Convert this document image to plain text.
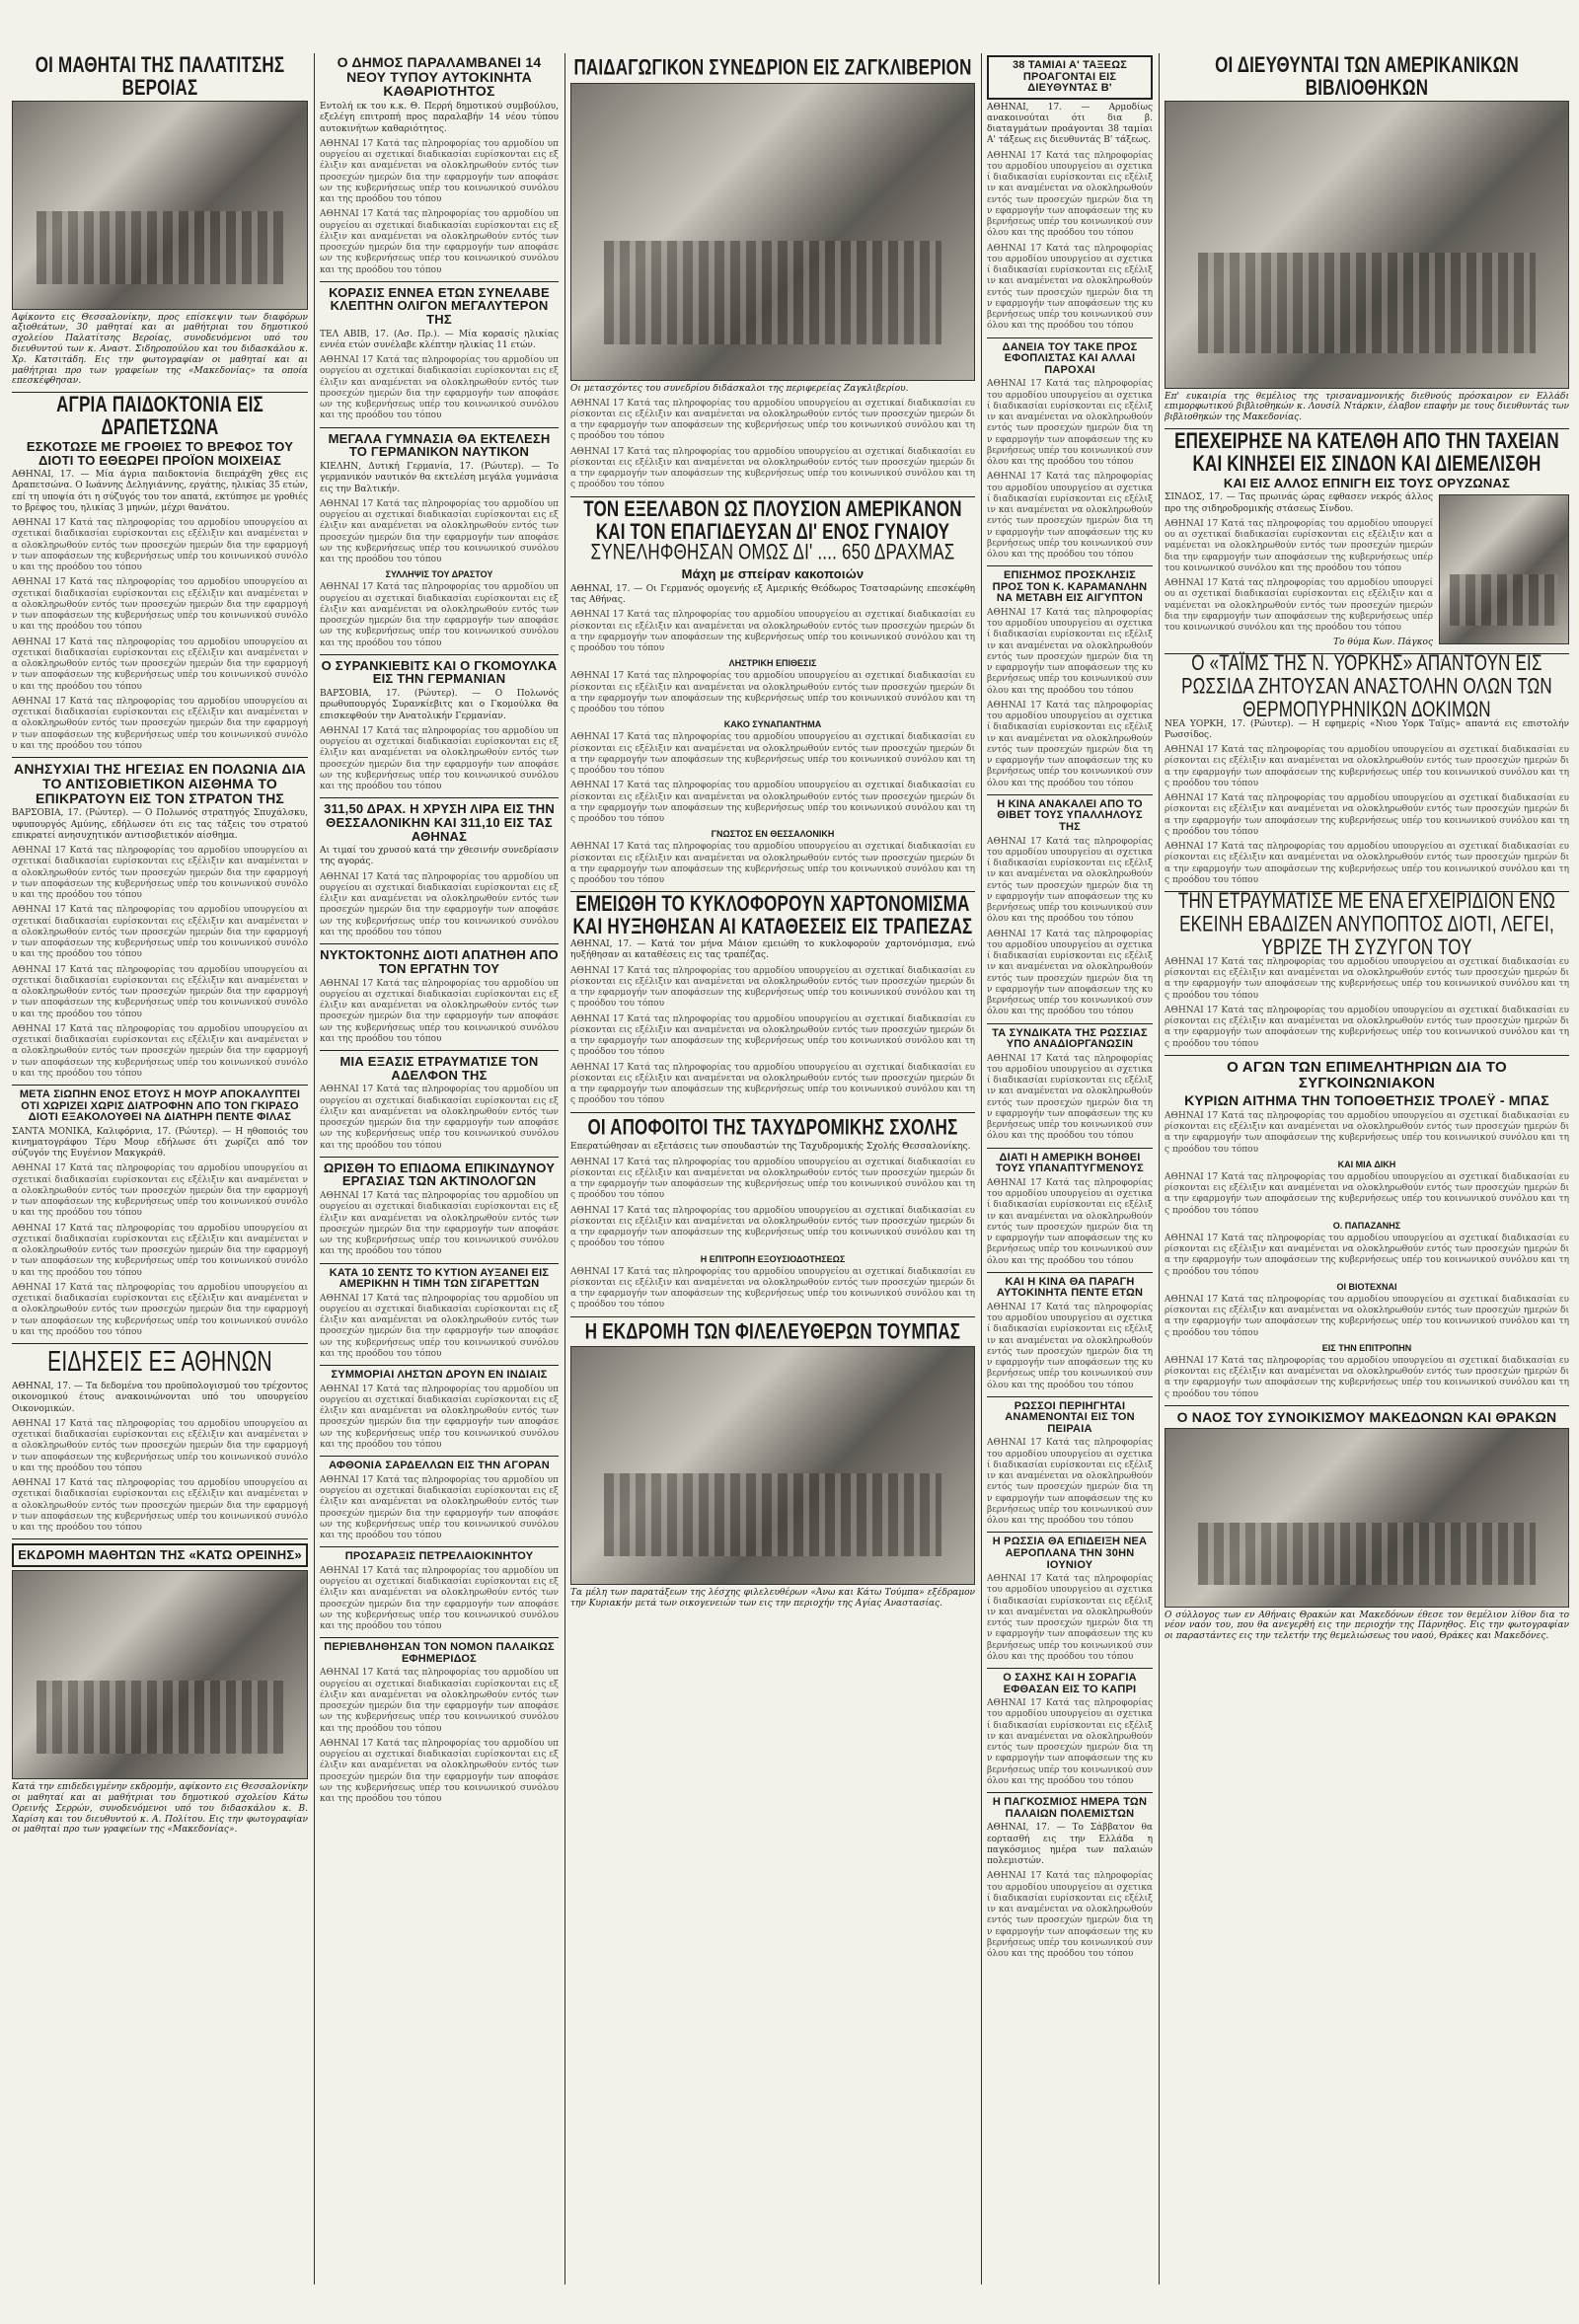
ΟΙ ΜΑΘΗΤΑΙ ΤΗΣ ΠΑΛΑΤΙΤΣΗΣ ΒΕΡΟΙΑΣ
Αφίκοντο εις Θεσσαλονίκην, προς επίσκεψιν των διαφόρων αξιοθεάτων, 30 μαθηταί και αι μαθήτριαι του δημοτικού σχολείου Παλατίτσης Βεροίας, συνοδευόμενοι υπό του διευθυντού των κ. Αναστ. Σιδηροπούλου και του διδασκάλου κ. Χρ. Κατσιτάδη. Εις την φωτογραφίαν οι μαθηταί και αι μαθήτριαι προ των γραφείων της «Μακεδονίας» τα οποία επεσκέφθησαν.
ΑΓΡΙΑ ΠΑΙΔΟΚΤΟΝΙΑ ΕΙΣ ΔΡΑΠΕΤΣΩΝΑ
ΕΣΚΟΤΩΣΕ ΜΕ ΓΡΟΘΙΕΣ ΤΟ ΒΡΕΦΟΣ ΤΟΥ ΔΙΟΤΙ ΤΟ ΕΘΕΩΡΕΙ ΠΡΟΪΟΝ ΜΟΙΧΕΙΑΣ
ΑΘΗΝΑΙ, 17. — Μία άγρια παιδοκτονία διεπράχθη χθες εις Δραπετσώνα. Ο Ιωάννης Δεληγιάννης, εργάτης, ηλικίας 35 ετών, επί τη υποψία ότι η σύζυγός του τον απατά, εκτύπησε με γροθιές το βρέφος του, ηλικίας 3 μηνών, μέχρι θανάτου.
ΑΘΗΝΑΙ 17 Κατά τας πληροφορίας του αρμοδίου υπουργείου αι σχετικαί διαδικασίαι ευρίσκονται εις εξέλιξιν και αναμένεται να ολοκληρωθούν εντός των προσεχών ημερών δια την εφαρμογήν των αποφάσεων της κυβερνήσεως υπέρ του κοινωνικού συνόλου και της προόδου του τόπου
ΑΘΗΝΑΙ 17 Κατά τας πληροφορίας του αρμοδίου υπουργείου αι σχετικαί διαδικασίαι ευρίσκονται εις εξέλιξιν και αναμένεται να ολοκληρωθούν εντός των προσεχών ημερών δια την εφαρμογήν των αποφάσεων της κυβερνήσεως υπέρ του κοινωνικού συνόλου και της προόδου του τόπου
ΑΘΗΝΑΙ 17 Κατά τας πληροφορίας του αρμοδίου υπουργείου αι σχετικαί διαδικασίαι ευρίσκονται εις εξέλιξιν και αναμένεται να ολοκληρωθούν εντός των προσεχών ημερών δια την εφαρμογήν των αποφάσεων της κυβερνήσεως υπέρ του κοινωνικού συνόλου και της προόδου του τόπου
ΑΘΗΝΑΙ 17 Κατά τας πληροφορίας του αρμοδίου υπουργείου αι σχετικαί διαδικασίαι ευρίσκονται εις εξέλιξιν και αναμένεται να ολοκληρωθούν εντός των προσεχών ημερών δια την εφαρμογήν των αποφάσεων της κυβερνήσεως υπέρ του κοινωνικού συνόλου και της προόδου του τόπου
ΑΝΗΣΥΧΙΑΙ ΤΗΣ ΗΓΕΣΙΑΣ ΕΝ ΠΟΛΩΝΙΑ ΔΙΑ ΤΟ ΑΝΤΙΣΟΒΙΕΤΙΚΟΝ ΑΙΣΘΗΜΑ ΤΟ ΕΠΙΚΡΑΤΟΥΝ ΕΙΣ ΤΟΝ ΣΤΡΑΤΟΝ ΤΗΣ
ΒΑΡΣΟΒΙΑ, 17. (Ρώυτερ). — Ο Πολωνός στρατηγός Σπυχάλσκυ, υφυπουργός Αμύνης, εδήλωσεν ότι εις τας τάξεις του στρατού επικρατεί ανησυχητικόν αντισοβιετικόν αίσθημα.
ΑΘΗΝΑΙ 17 Κατά τας πληροφορίας του αρμοδίου υπουργείου αι σχετικαί διαδικασίαι ευρίσκονται εις εξέλιξιν και αναμένεται να ολοκληρωθούν εντός των προσεχών ημερών δια την εφαρμογήν των αποφάσεων της κυβερνήσεως υπέρ του κοινωνικού συνόλου και της προόδου του τόπου
ΑΘΗΝΑΙ 17 Κατά τας πληροφορίας του αρμοδίου υπουργείου αι σχετικαί διαδικασίαι ευρίσκονται εις εξέλιξιν και αναμένεται να ολοκληρωθούν εντός των προσεχών ημερών δια την εφαρμογήν των αποφάσεων της κυβερνήσεως υπέρ του κοινωνικού συνόλου και της προόδου του τόπου
ΑΘΗΝΑΙ 17 Κατά τας πληροφορίας του αρμοδίου υπουργείου αι σχετικαί διαδικασίαι ευρίσκονται εις εξέλιξιν και αναμένεται να ολοκληρωθούν εντός των προσεχών ημερών δια την εφαρμογήν των αποφάσεων της κυβερνήσεως υπέρ του κοινωνικού συνόλου και της προόδου του τόπου
ΑΘΗΝΑΙ 17 Κατά τας πληροφορίας του αρμοδίου υπουργείου αι σχετικαί διαδικασίαι ευρίσκονται εις εξέλιξιν και αναμένεται να ολοκληρωθούν εντός των προσεχών ημερών δια την εφαρμογήν των αποφάσεων της κυβερνήσεως υπέρ του κοινωνικού συνόλου και της προόδου του τόπου
ΜΕΤΑ ΣΙΩΠΗΝ ΕΝΟΣ ΕΤΟΥΣ Η ΜΟΥΡ ΑΠΟΚΑΛΥΠΤΕΙ ΟΤΙ ΧΩΡΙΖΕΙ ΧΩΡΙΣ ΔΙΑΤΡΟΦΗΝ ΑΠΟ ΤΟΝ ΓΚΙΡΑΣΟ ΔΙΟΤΙ ΕΞΑΚΟΛΟΥΘΕΙ ΝΑ ΔΙΑΤΗΡΗ ΠΕΝΤΕ ΦΙΛΑΣ
ΣΑΝΤΑ ΜΟΝΙΚΑ, Καλιφόρνια, 17. (Ρώυτερ). — Η ηθοποιός του κινηματογράφου Τέρυ Μουρ εδήλωσε ότι χωρίζει από τον σύζυγόν της Ευγένιον Μακγκράθ.
ΑΘΗΝΑΙ 17 Κατά τας πληροφορίας του αρμοδίου υπουργείου αι σχετικαί διαδικασίαι ευρίσκονται εις εξέλιξιν και αναμένεται να ολοκληρωθούν εντός των προσεχών ημερών δια την εφαρμογήν των αποφάσεων της κυβερνήσεως υπέρ του κοινωνικού συνόλου και της προόδου του τόπου
ΑΘΗΝΑΙ 17 Κατά τας πληροφορίας του αρμοδίου υπουργείου αι σχετικαί διαδικασίαι ευρίσκονται εις εξέλιξιν και αναμένεται να ολοκληρωθούν εντός των προσεχών ημερών δια την εφαρμογήν των αποφάσεων της κυβερνήσεως υπέρ του κοινωνικού συνόλου και της προόδου του τόπου
ΑΘΗΝΑΙ 17 Κατά τας πληροφορίας του αρμοδίου υπουργείου αι σχετικαί διαδικασίαι ευρίσκονται εις εξέλιξιν και αναμένεται να ολοκληρωθούν εντός των προσεχών ημερών δια την εφαρμογήν των αποφάσεων της κυβερνήσεως υπέρ του κοινωνικού συνόλου και της προόδου του τόπου
ΕΙΔΗΣΕΙΣ ΕΞ ΑΘΗΝΩΝ
ΑΘΗΝΑΙ, 17. — Τα δεδομένα του προϋπολογισμού του τρέχοντος οικονομικού έτους ανακοινώνονται υπό του υπουργείου Οικονομικών.
ΑΘΗΝΑΙ 17 Κατά τας πληροφορίας του αρμοδίου υπουργείου αι σχετικαί διαδικασίαι ευρίσκονται εις εξέλιξιν και αναμένεται να ολοκληρωθούν εντός των προσεχών ημερών δια την εφαρμογήν των αποφάσεων της κυβερνήσεως υπέρ του κοινωνικού συνόλου και της προόδου του τόπου
ΑΘΗΝΑΙ 17 Κατά τας πληροφορίας του αρμοδίου υπουργείου αι σχετικαί διαδικασίαι ευρίσκονται εις εξέλιξιν και αναμένεται να ολοκληρωθούν εντός των προσεχών ημερών δια την εφαρμογήν των αποφάσεων της κυβερνήσεως υπέρ του κοινωνικού συνόλου και της προόδου του τόπου
ΕΚΔΡΟΜΗ ΜΑΘΗΤΩΝ ΤΗΣ «ΚΑΤΩ ΟΡΕΙΝΗΣ»
Κατά την επιδεδειγμένην εκδρομήν, αφίκοντο εις Θεσσαλονίκην οι μαθηταί και αι μαθήτριαι του δημοτικού σχολείου Κάτω Ορεινής Σερρών, συνοδευόμενοι υπό του διδασκάλου κ. Β. Χαρίση και του διευθυντού κ. Α. Πολίτου. Εις την φωτογραφίαν οι μαθηταί προ των γραφείων της «Μακεδονίας».
Ο ΔΗΜΟΣ ΠΑΡΑΛΑΜΒΑΝΕΙ 14 ΝΕΟΥ ΤΥΠΟΥ ΑΥΤΟΚΙΝΗΤΑ ΚΑΘΑΡΙΟΤΗΤΟΣ
Εντολή εκ του κ.κ. Θ. Περρή δημοτικού συμβούλου, εξελέγη επιτροπή προς παραλαβήν 14 νέου τύπου αυτοκινήτων καθαριότητος.
ΑΘΗΝΑΙ 17 Κατά τας πληροφορίας του αρμοδίου υπουργείου αι σχετικαί διαδικασίαι ευρίσκονται εις εξέλιξιν και αναμένεται να ολοκληρωθούν εντός των προσεχών ημερών δια την εφαρμογήν των αποφάσεων της κυβερνήσεως υπέρ του κοινωνικού συνόλου και της προόδου του τόπου
ΑΘΗΝΑΙ 17 Κατά τας πληροφορίας του αρμοδίου υπουργείου αι σχετικαί διαδικασίαι ευρίσκονται εις εξέλιξιν και αναμένεται να ολοκληρωθούν εντός των προσεχών ημερών δια την εφαρμογήν των αποφάσεων της κυβερνήσεως υπέρ του κοινωνικού συνόλου και της προόδου του τόπου
ΚΟΡΑΣΙΣ ΕΝΝΕΑ ΕΤΩΝ ΣΥΝΕΛΑΒΕ ΚΛΕΠΤΗΝ ΟΛΙΓΟΝ ΜΕΓΑΛΥΤΕΡΟΝ ΤΗΣ
ΤΕΛ ΑΒΙΒ, 17. (Ασ. Πρ.). — Μία κορασίς ηλικίας εννέα ετών συνέλαβε κλέπτην ηλικίας 11 ετών.
ΑΘΗΝΑΙ 17 Κατά τας πληροφορίας του αρμοδίου υπουργείου αι σχετικαί διαδικασίαι ευρίσκονται εις εξέλιξιν και αναμένεται να ολοκληρωθούν εντός των προσεχών ημερών δια την εφαρμογήν των αποφάσεων της κυβερνήσεως υπέρ του κοινωνικού συνόλου και της προόδου του τόπου
ΜΕΓΑΛΑ ΓΥΜΝΑΣΙΑ ΘΑ ΕΚΤΕΛΕΣΗ ΤΟ ΓΕΡΜΑΝΙΚΟΝ ΝΑΥΤΙΚΟΝ
ΚΙΕΛΗΝ, Δυτική Γερμανία, 17. (Ρώυτερ). — Το γερμανικόν ναυτικόν θα εκτελέση μεγάλα γυμνάσια εις την Βαλτικήν.
ΑΘΗΝΑΙ 17 Κατά τας πληροφορίας του αρμοδίου υπουργείου αι σχετικαί διαδικασίαι ευρίσκονται εις εξέλιξιν και αναμένεται να ολοκληρωθούν εντός των προσεχών ημερών δια την εφαρμογήν των αποφάσεων της κυβερνήσεως υπέρ του κοινωνικού συνόλου και της προόδου του τόπου
ΣΥΛΛΗΨΙΣ ΤΟΥ ΔΡΑΣΤΟΥ
ΑΘΗΝΑΙ 17 Κατά τας πληροφορίας του αρμοδίου υπουργείου αι σχετικαί διαδικασίαι ευρίσκονται εις εξέλιξιν και αναμένεται να ολοκληρωθούν εντός των προσεχών ημερών δια την εφαρμογήν των αποφάσεων της κυβερνήσεως υπέρ του κοινωνικού συνόλου και της προόδου του τόπου
Ο ΣΥΡΑΝΚΙΕΒΙΤΣ ΚΑΙ Ο ΓΚΟΜΟΥΛΚΑ ΕΙΣ ΤΗΝ ΓΕΡΜΑΝΙΑΝ
ΒΑΡΣΟΒΙΑ, 17. (Ρώυτερ). — Ο Πολωνός πρωθυπουργός Συρανκίεβιτς και ο Γκομούλκα θα επισκεφθούν την Ανατολικήν Γερμανίαν.
ΑΘΗΝΑΙ 17 Κατά τας πληροφορίας του αρμοδίου υπουργείου αι σχετικαί διαδικασίαι ευρίσκονται εις εξέλιξιν και αναμένεται να ολοκληρωθούν εντός των προσεχών ημερών δια την εφαρμογήν των αποφάσεων της κυβερνήσεως υπέρ του κοινωνικού συνόλου και της προόδου του τόπου
311,50 ΔΡΑΧ. Η ΧΡΥΣΗ ΛΙΡΑ ΕΙΣ ΤΗΝ ΘΕΣΣΑΛΟΝΙΚΗΝ ΚΑΙ 311,10 ΕΙΣ ΤΑΣ ΑΘΗΝΑΣ
Αι τιμαί του χρυσού κατά την χθεσινήν συνεδρίασιν της αγοράς.
ΑΘΗΝΑΙ 17 Κατά τας πληροφορίας του αρμοδίου υπουργείου αι σχετικαί διαδικασίαι ευρίσκονται εις εξέλιξιν και αναμένεται να ολοκληρωθούν εντός των προσεχών ημερών δια την εφαρμογήν των αποφάσεων της κυβερνήσεως υπέρ του κοινωνικού συνόλου και της προόδου του τόπου
ΝΥΚΤΟΚΤΟΝΗΣ ΔΙΟΤΙ ΑΠΑΤΗΘΗ ΑΠΟ ΤΟΝ ΕΡΓΑΤΗΝ ΤΟΥ
ΑΘΗΝΑΙ 17 Κατά τας πληροφορίας του αρμοδίου υπουργείου αι σχετικαί διαδικασίαι ευρίσκονται εις εξέλιξιν και αναμένεται να ολοκληρωθούν εντός των προσεχών ημερών δια την εφαρμογήν των αποφάσεων της κυβερνήσεως υπέρ του κοινωνικού συνόλου και της προόδου του τόπου
ΜΙΑ ΕΞΑΣΙΣ ΕΤΡΑΥΜΑΤΙΣΕ ΤΟΝ ΑΔΕΛΦΟΝ ΤΗΣ
ΑΘΗΝΑΙ 17 Κατά τας πληροφορίας του αρμοδίου υπουργείου αι σχετικαί διαδικασίαι ευρίσκονται εις εξέλιξιν και αναμένεται να ολοκληρωθούν εντός των προσεχών ημερών δια την εφαρμογήν των αποφάσεων της κυβερνήσεως υπέρ του κοινωνικού συνόλου και της προόδου του τόπου
ΩΡΙΣΘΗ ΤΟ ΕΠΙΔΟΜΑ ΕΠΙΚΙΝΔΥΝΟΥ ΕΡΓΑΣΙΑΣ ΤΩΝ ΑΚΤΙΝΟΛΟΓΩΝ
ΑΘΗΝΑΙ 17 Κατά τας πληροφορίας του αρμοδίου υπουργείου αι σχετικαί διαδικασίαι ευρίσκονται εις εξέλιξιν και αναμένεται να ολοκληρωθούν εντός των προσεχών ημερών δια την εφαρμογήν των αποφάσεων της κυβερνήσεως υπέρ του κοινωνικού συνόλου και της προόδου του τόπου
ΚΑΤΑ 10 ΣΕΝΤΣ ΤΟ ΚΥΤΙΟΝ ΑΥΞΑΝΕΙ ΕΙΣ ΑΜΕΡΙΚΗΝ Η ΤΙΜΗ ΤΩΝ ΣΙΓΑΡΕΤΤΩΝ
ΑΘΗΝΑΙ 17 Κατά τας πληροφορίας του αρμοδίου υπουργείου αι σχετικαί διαδικασίαι ευρίσκονται εις εξέλιξιν και αναμένεται να ολοκληρωθούν εντός των προσεχών ημερών δια την εφαρμογήν των αποφάσεων της κυβερνήσεως υπέρ του κοινωνικού συνόλου και της προόδου του τόπου
ΣΥΜΜΟΡΙΑΙ ΛΗΣΤΩΝ ΔΡΟΥΝ ΕΝ ΙΝΔΙΑΙΣ
ΑΘΗΝΑΙ 17 Κατά τας πληροφορίας του αρμοδίου υπουργείου αι σχετικαί διαδικασίαι ευρίσκονται εις εξέλιξιν και αναμένεται να ολοκληρωθούν εντός των προσεχών ημερών δια την εφαρμογήν των αποφάσεων της κυβερνήσεως υπέρ του κοινωνικού συνόλου και της προόδου του τόπου
ΑΦΘΟΝΙΑ ΣΑΡΔΕΛΛΩΝ ΕΙΣ ΤΗΝ ΑΓΟΡΑΝ
ΑΘΗΝΑΙ 17 Κατά τας πληροφορίας του αρμοδίου υπουργείου αι σχετικαί διαδικασίαι ευρίσκονται εις εξέλιξιν και αναμένεται να ολοκληρωθούν εντός των προσεχών ημερών δια την εφαρμογήν των αποφάσεων της κυβερνήσεως υπέρ του κοινωνικού συνόλου και της προόδου του τόπου
ΠΡΟΣΑΡΑΞΙΣ ΠΕΤΡΕΛΑΙΟΚΙΝΗΤΟΥ
ΑΘΗΝΑΙ 17 Κατά τας πληροφορίας του αρμοδίου υπουργείου αι σχετικαί διαδικασίαι ευρίσκονται εις εξέλιξιν και αναμένεται να ολοκληρωθούν εντός των προσεχών ημερών δια την εφαρμογήν των αποφάσεων της κυβερνήσεως υπέρ του κοινωνικού συνόλου και της προόδου του τόπου
ΠΕΡΙΕΒΛΗΘΗΣΑΝ ΤΟΝ ΝΟΜΟΝ ΠΑΛΑΙΚΩΣ ΕΦΗΜΕΡΙΔΟΣ
ΑΘΗΝΑΙ 17 Κατά τας πληροφορίας του αρμοδίου υπουργείου αι σχετικαί διαδικασίαι ευρίσκονται εις εξέλιξιν και αναμένεται να ολοκληρωθούν εντός των προσεχών ημερών δια την εφαρμογήν των αποφάσεων της κυβερνήσεως υπέρ του κοινωνικού συνόλου και της προόδου του τόπου
ΑΘΗΝΑΙ 17 Κατά τας πληροφορίας του αρμοδίου υπουργείου αι σχετικαί διαδικασίαι ευρίσκονται εις εξέλιξιν και αναμένεται να ολοκληρωθούν εντός των προσεχών ημερών δια την εφαρμογήν των αποφάσεων της κυβερνήσεως υπέρ του κοινωνικού συνόλου και της προόδου του τόπου
ΠΑΙΔΑΓΩΓΙΚΟΝ ΣΥΝΕΔΡΙΟΝ ΕΙΣ ΖΑΓΚΛΙΒΕΡΙΟΝ
Οι μετασχόντες του συνεδρίου διδάσκαλοι της περιφερείας Ζαγκλιβερίου.
ΑΘΗΝΑΙ 17 Κατά τας πληροφορίας του αρμοδίου υπουργείου αι σχετικαί διαδικασίαι ευρίσκονται εις εξέλιξιν και αναμένεται να ολοκληρωθούν εντός των προσεχών ημερών δια την εφαρμογήν των αποφάσεων της κυβερνήσεως υπέρ του κοινωνικού συνόλου και της προόδου του τόπου
ΑΘΗΝΑΙ 17 Κατά τας πληροφορίας του αρμοδίου υπουργείου αι σχετικαί διαδικασίαι ευρίσκονται εις εξέλιξιν και αναμένεται να ολοκληρωθούν εντός των προσεχών ημερών δια την εφαρμογήν των αποφάσεων της κυβερνήσεως υπέρ του κοινωνικού συνόλου και της προόδου του τόπου
ΤΟΝ ΕΞΕΛΑΒΟΝ ΩΣ ΠΛΟΥΣΙΟΝ ΑΜΕΡΙΚΑΝΟΝ ΚΑΙ ΤΟΝ ΕΠΑΓΙΔΕΥΣΑΝ ΔΙ' ΕΝΟΣ ΓΥΝΑΙΟΥ
ΣΥΝΕΛΗΦΘΗΣΑΝ ΟΜΩΣ ΔΙ' .... 650 ΔΡΑΧΜΑΣ
Μάχη με σπείραν κακοποιών
ΑΘΗΝΑΙ, 17. — Οι Γερμανός ομογενής εξ Αμερικής Θεόδωρος Τσατσαρώνης επεσκέφθη τας Αθήνας.
ΑΘΗΝΑΙ 17 Κατά τας πληροφορίας του αρμοδίου υπουργείου αι σχετικαί διαδικασίαι ευρίσκονται εις εξέλιξιν και αναμένεται να ολοκληρωθούν εντός των προσεχών ημερών δια την εφαρμογήν των αποφάσεων της κυβερνήσεως υπέρ του κοινωνικού συνόλου και της προόδου του τόπου
ΛΗΣΤΡΙΚΗ ΕΠΙΘΕΣΙΣ
ΑΘΗΝΑΙ 17 Κατά τας πληροφορίας του αρμοδίου υπουργείου αι σχετικαί διαδικασίαι ευρίσκονται εις εξέλιξιν και αναμένεται να ολοκληρωθούν εντός των προσεχών ημερών δια την εφαρμογήν των αποφάσεων της κυβερνήσεως υπέρ του κοινωνικού συνόλου και της προόδου του τόπου
ΚΑΚΟ ΣΥΝΑΠΑΝΤΗΜΑ
ΑΘΗΝΑΙ 17 Κατά τας πληροφορίας του αρμοδίου υπουργείου αι σχετικαί διαδικασίαι ευρίσκονται εις εξέλιξιν και αναμένεται να ολοκληρωθούν εντός των προσεχών ημερών δια την εφαρμογήν των αποφάσεων της κυβερνήσεως υπέρ του κοινωνικού συνόλου και της προόδου του τόπου
ΑΘΗΝΑΙ 17 Κατά τας πληροφορίας του αρμοδίου υπουργείου αι σχετικαί διαδικασίαι ευρίσκονται εις εξέλιξιν και αναμένεται να ολοκληρωθούν εντός των προσεχών ημερών δια την εφαρμογήν των αποφάσεων της κυβερνήσεως υπέρ του κοινωνικού συνόλου και της προόδου του τόπου
ΓΝΩΣΤΟΣ ΕΝ ΘΕΣΣΑΛΟΝΙΚΗ
ΑΘΗΝΑΙ 17 Κατά τας πληροφορίας του αρμοδίου υπουργείου αι σχετικαί διαδικασίαι ευρίσκονται εις εξέλιξιν και αναμένεται να ολοκληρωθούν εντός των προσεχών ημερών δια την εφαρμογήν των αποφάσεων της κυβερνήσεως υπέρ του κοινωνικού συνόλου και της προόδου του τόπου
ΕΜΕΙΩΘΗ ΤΟ ΚΥΚΛΟΦΟΡΟΥΝ ΧΑΡΤΟΝΟΜΙΣΜΑ ΚΑΙ ΗΥΞΗΘΗΣΑΝ ΑΙ ΚΑΤΑΘΕΣΕΙΣ ΕΙΣ ΤΡΑΠΕΖΑΣ
ΑΘΗΝΑΙ, 17. — Κατά τον μήνα Μάιον εμειώθη το κυκλοφορούν χαρτονόμισμα, ενώ ηυξήθησαν αι καταθέσεις εις τας τραπέζας.
ΑΘΗΝΑΙ 17 Κατά τας πληροφορίας του αρμοδίου υπουργείου αι σχετικαί διαδικασίαι ευρίσκονται εις εξέλιξιν και αναμένεται να ολοκληρωθούν εντός των προσεχών ημερών δια την εφαρμογήν των αποφάσεων της κυβερνήσεως υπέρ του κοινωνικού συνόλου και της προόδου του τόπου
ΑΘΗΝΑΙ 17 Κατά τας πληροφορίας του αρμοδίου υπουργείου αι σχετικαί διαδικασίαι ευρίσκονται εις εξέλιξιν και αναμένεται να ολοκληρωθούν εντός των προσεχών ημερών δια την εφαρμογήν των αποφάσεων της κυβερνήσεως υπέρ του κοινωνικού συνόλου και της προόδου του τόπου
ΑΘΗΝΑΙ 17 Κατά τας πληροφορίας του αρμοδίου υπουργείου αι σχετικαί διαδικασίαι ευρίσκονται εις εξέλιξιν και αναμένεται να ολοκληρωθούν εντός των προσεχών ημερών δια την εφαρμογήν των αποφάσεων της κυβερνήσεως υπέρ του κοινωνικού συνόλου και της προόδου του τόπου
ΟΙ ΑΠΟΦΟΙΤΟΙ ΤΗΣ ΤΑΧΥΔΡΟΜΙΚΗΣ ΣΧΟΛΗΣ
Επερατώθησαν αι εξετάσεις των σπουδαστών της Ταχυδρομικής Σχολής Θεσσαλονίκης.
ΑΘΗΝΑΙ 17 Κατά τας πληροφορίας του αρμοδίου υπουργείου αι σχετικαί διαδικασίαι ευρίσκονται εις εξέλιξιν και αναμένεται να ολοκληρωθούν εντός των προσεχών ημερών δια την εφαρμογήν των αποφάσεων της κυβερνήσεως υπέρ του κοινωνικού συνόλου και της προόδου του τόπου
ΑΘΗΝΑΙ 17 Κατά τας πληροφορίας του αρμοδίου υπουργείου αι σχετικαί διαδικασίαι ευρίσκονται εις εξέλιξιν και αναμένεται να ολοκληρωθούν εντός των προσεχών ημερών δια την εφαρμογήν των αποφάσεων της κυβερνήσεως υπέρ του κοινωνικού συνόλου και της προόδου του τόπου
Η ΕΠΙΤΡΟΠΗ ΕΞΟΥΣΙΟΔΟΤΗΣΕΩΣ
ΑΘΗΝΑΙ 17 Κατά τας πληροφορίας του αρμοδίου υπουργείου αι σχετικαί διαδικασίαι ευρίσκονται εις εξέλιξιν και αναμένεται να ολοκληρωθούν εντός των προσεχών ημερών δια την εφαρμογήν των αποφάσεων της κυβερνήσεως υπέρ του κοινωνικού συνόλου και της προόδου του τόπου
Η ΕΚΔΡΟΜΗ ΤΩΝ ΦΙΛΕΛΕΥΘΕΡΩΝ ΤΟΥΜΠΑΣ
Τα μέλη των παρατάξεων της λέσχης φιλελευθέρων «Άνω και Κάτω Τούμπα» εξέδραμον την Κυριακήν μετά των οικογενειών των εις την περιοχήν της Αγίας Αναστασίας.
38 ΤΑΜΙΑΙ Α' ΤΑΞΕΩΣ ΠΡΟΑΓΟΝΤΑΙ ΕΙΣ ΔΙΕΥΘΥΝΤΑΣ Β'
ΑΘΗΝΑΙ, 17. — Αρμοδίως ανακοινούται ότι δια β. διαταγμάτων προάγονται 38 ταμίαι Α' τάξεως εις διευθυντάς Β' τάξεως.
ΑΘΗΝΑΙ 17 Κατά τας πληροφορίας του αρμοδίου υπουργείου αι σχετικαί διαδικασίαι ευρίσκονται εις εξέλιξιν και αναμένεται να ολοκληρωθούν εντός των προσεχών ημερών δια την εφαρμογήν των αποφάσεων της κυβερνήσεως υπέρ του κοινωνικού συνόλου και της προόδου του τόπου
ΑΘΗΝΑΙ 17 Κατά τας πληροφορίας του αρμοδίου υπουργείου αι σχετικαί διαδικασίαι ευρίσκονται εις εξέλιξιν και αναμένεται να ολοκληρωθούν εντός των προσεχών ημερών δια την εφαρμογήν των αποφάσεων της κυβερνήσεως υπέρ του κοινωνικού συνόλου και της προόδου του τόπου
ΔΑΝΕΙΑ ΤΟΥ ΤΑΚΕ ΠΡΟΣ ΕΦΟΠΛΙΣΤΑΣ ΚΑΙ ΑΛΛΑΙ ΠΑΡΟΧΑΙ
ΑΘΗΝΑΙ 17 Κατά τας πληροφορίας του αρμοδίου υπουργείου αι σχετικαί διαδικασίαι ευρίσκονται εις εξέλιξιν και αναμένεται να ολοκληρωθούν εντός των προσεχών ημερών δια την εφαρμογήν των αποφάσεων της κυβερνήσεως υπέρ του κοινωνικού συνόλου και της προόδου του τόπου
ΑΘΗΝΑΙ 17 Κατά τας πληροφορίας του αρμοδίου υπουργείου αι σχετικαί διαδικασίαι ευρίσκονται εις εξέλιξιν και αναμένεται να ολοκληρωθούν εντός των προσεχών ημερών δια την εφαρμογήν των αποφάσεων της κυβερνήσεως υπέρ του κοινωνικού συνόλου και της προόδου του τόπου
ΕΠΙΣΗΜΟΣ ΠΡΟΣΚΛΗΣΙΣ ΠΡΟΣ ΤΟΝ Κ. ΚΑΡΑΜΑΝΛΗΝ ΝΑ ΜΕΤΑΒΗ ΕΙΣ ΑΙΓΥΠΤΟΝ
ΑΘΗΝΑΙ 17 Κατά τας πληροφορίας του αρμοδίου υπουργείου αι σχετικαί διαδικασίαι ευρίσκονται εις εξέλιξιν και αναμένεται να ολοκληρωθούν εντός των προσεχών ημερών δια την εφαρμογήν των αποφάσεων της κυβερνήσεως υπέρ του κοινωνικού συνόλου και της προόδου του τόπου
ΑΘΗΝΑΙ 17 Κατά τας πληροφορίας του αρμοδίου υπουργείου αι σχετικαί διαδικασίαι ευρίσκονται εις εξέλιξιν και αναμένεται να ολοκληρωθούν εντός των προσεχών ημερών δια την εφαρμογήν των αποφάσεων της κυβερνήσεως υπέρ του κοινωνικού συνόλου και της προόδου του τόπου
Η ΚΙΝΑ ΑΝΑΚΑΛΕΙ ΑΠΟ ΤΟ ΘΙΒΕΤ ΤΟΥΣ ΥΠΑΛΛΗΛΟΥΣ ΤΗΣ
ΑΘΗΝΑΙ 17 Κατά τας πληροφορίας του αρμοδίου υπουργείου αι σχετικαί διαδικασίαι ευρίσκονται εις εξέλιξιν και αναμένεται να ολοκληρωθούν εντός των προσεχών ημερών δια την εφαρμογήν των αποφάσεων της κυβερνήσεως υπέρ του κοινωνικού συνόλου και της προόδου του τόπου
ΑΘΗΝΑΙ 17 Κατά τας πληροφορίας του αρμοδίου υπουργείου αι σχετικαί διαδικασίαι ευρίσκονται εις εξέλιξιν και αναμένεται να ολοκληρωθούν εντός των προσεχών ημερών δια την εφαρμογήν των αποφάσεων της κυβερνήσεως υπέρ του κοινωνικού συνόλου και της προόδου του τόπου
ΤΑ ΣΥΝΔΙΚΑΤΑ ΤΗΣ ΡΩΣΣΙΑΣ ΥΠΟ ΑΝΑΔΙΟΡΓΑΝΩΣΙΝ
ΑΘΗΝΑΙ 17 Κατά τας πληροφορίας του αρμοδίου υπουργείου αι σχετικαί διαδικασίαι ευρίσκονται εις εξέλιξιν και αναμένεται να ολοκληρωθούν εντός των προσεχών ημερών δια την εφαρμογήν των αποφάσεων της κυβερνήσεως υπέρ του κοινωνικού συνόλου και της προόδου του τόπου
ΔΙΑΤΙ Η ΑΜΕΡΙΚΗ ΒΟΗΘΕΙ ΤΟΥΣ ΥΠΑΝΑΠΤΥΓΜΕΝΟΥΣ
ΑΘΗΝΑΙ 17 Κατά τας πληροφορίας του αρμοδίου υπουργείου αι σχετικαί διαδικασίαι ευρίσκονται εις εξέλιξιν και αναμένεται να ολοκληρωθούν εντός των προσεχών ημερών δια την εφαρμογήν των αποφάσεων της κυβερνήσεως υπέρ του κοινωνικού συνόλου και της προόδου του τόπου
ΚΑΙ Η ΚΙΝΑ ΘΑ ΠΑΡΑΓΗ ΑΥΤΟΚΙΝΗΤΑ ΠΕΝΤΕ ΕΤΩΝ
ΑΘΗΝΑΙ 17 Κατά τας πληροφορίας του αρμοδίου υπουργείου αι σχετικαί διαδικασίαι ευρίσκονται εις εξέλιξιν και αναμένεται να ολοκληρωθούν εντός των προσεχών ημερών δια την εφαρμογήν των αποφάσεων της κυβερνήσεως υπέρ του κοινωνικού συνόλου και της προόδου του τόπου
ΡΩΣΣΟΙ ΠΕΡΙΗΓΗΤΑΙ ΑΝΑΜΕΝΟΝΤΑΙ ΕΙΣ ΤΟΝ ΠΕΙΡΑΙΑ
ΑΘΗΝΑΙ 17 Κατά τας πληροφορίας του αρμοδίου υπουργείου αι σχετικαί διαδικασίαι ευρίσκονται εις εξέλιξιν και αναμένεται να ολοκληρωθούν εντός των προσεχών ημερών δια την εφαρμογήν των αποφάσεων της κυβερνήσεως υπέρ του κοινωνικού συνόλου και της προόδου του τόπου
Η ΡΩΣΣΙΑ ΘΑ ΕΠΙΔΕΙΞΗ ΝΕΑ ΑΕΡΟΠΛΑΝΑ ΤΗΝ 30ΗΝ ΙΟΥΝΙΟΥ
ΑΘΗΝΑΙ 17 Κατά τας πληροφορίας του αρμοδίου υπουργείου αι σχετικαί διαδικασίαι ευρίσκονται εις εξέλιξιν και αναμένεται να ολοκληρωθούν εντός των προσεχών ημερών δια την εφαρμογήν των αποφάσεων της κυβερνήσεως υπέρ του κοινωνικού συνόλου και της προόδου του τόπου
Ο ΣΑΧΗΣ ΚΑΙ Η ΣΟΡΑΓΙΑ ΕΦΘΑΣΑΝ ΕΙΣ ΤΟ ΚΑΠΡΙ
ΑΘΗΝΑΙ 17 Κατά τας πληροφορίας του αρμοδίου υπουργείου αι σχετικαί διαδικασίαι ευρίσκονται εις εξέλιξιν και αναμένεται να ολοκληρωθούν εντός των προσεχών ημερών δια την εφαρμογήν των αποφάσεων της κυβερνήσεως υπέρ του κοινωνικού συνόλου και της προόδου του τόπου
Η ΠΑΓΚΟΣΜΙΟΣ ΗΜΕΡΑ ΤΩΝ ΠΑΛΑΙΩΝ ΠΟΛΕΜΙΣΤΩΝ
ΑΘΗΝΑΙ, 17. — Το Σάββατον θα εορτασθή εις την Ελλάδα η παγκόσμιος ημέρα των παλαιών πολεμιστών.
ΑΘΗΝΑΙ 17 Κατά τας πληροφορίας του αρμοδίου υπουργείου αι σχετικαί διαδικασίαι ευρίσκονται εις εξέλιξιν και αναμένεται να ολοκληρωθούν εντός των προσεχών ημερών δια την εφαρμογήν των αποφάσεων της κυβερνήσεως υπέρ του κοινωνικού συνόλου και της προόδου του τόπου
ΟΙ ΔΙΕΥΘΥΝΤΑΙ ΤΩΝ ΑΜΕΡΙΚΑΝΙΚΩΝ ΒΙΒΛΙΟΘΗΚΩΝ
Επ' ευκαιρία της θεμέλιος της τρισαναμνονικής διεθνούς πρόσκαιρον εν Ελλάδι επιμορφωτικού βιβλιοθηκών κ. Λουσίλ Ντάρκιν, έλαβον επαφήν με τους διευθυντάς των βιβλιοθηκών της Μακεδονίας.
ΕΠΕΧΕΙΡΗΣΕ ΝΑ ΚΑΤΕΛΘΗ ΑΠΟ ΤΗΝ ΤΑΧΕΙΑΝ ΚΑΙ ΚΙΝΗΣΕΙ ΕΙΣ ΣΙΝΔΟΝ ΚΑΙ ΔΙΕΜΕΛΙΣΘΗ
ΚΑΙ ΕΙΣ ΑΛΛΟΣ ΕΠΝΙΓΗ ΕΙΣ ΤΟΥΣ ΟΡΥΖΩΝΑΣ
ΣΙΝΔΟΣ, 17. — Τας πρωινάς ώρας εφθασεν νεκρός άλλος προ της σιδηροδρομικής στάσεως Σίνδου.
ΑΘΗΝΑΙ 17 Κατά τας πληροφορίας του αρμοδίου υπουργείου αι σχετικαί διαδικασίαι ευρίσκονται εις εξέλιξιν και αναμένεται να ολοκληρωθούν εντός των προσεχών ημερών δια την εφαρμογήν των αποφάσεων της κυβερνήσεως υπέρ του κοινωνικού συνόλου και της προόδου του τόπου
ΑΘΗΝΑΙ 17 Κατά τας πληροφορίας του αρμοδίου υπουργείου αι σχετικαί διαδικασίαι ευρίσκονται εις εξέλιξιν και αναμένεται να ολοκληρωθούν εντός των προσεχών ημερών δια την εφαρμογήν των αποφάσεων της κυβερνήσεως υπέρ του κοινωνικού συνόλου και της προόδου του τόπου
Το θύμα Κων. Πάγκος
Ο «ΤΑΪΜΣ ΤΗΣ Ν. ΥΟΡΚΗΣ» ΑΠΑΝΤΟΥΝ ΕΙΣ ΡΩΣΣΙΔΑ ΖΗΤΟΥΣΑΝ ΑΝΑΣΤΟΛΗΝ ΟΛΩΝ ΤΩΝ ΘΕΡΜΟΠΥΡΗΝΙΚΩΝ ΔΟΚΙΜΩΝ
ΝΕΑ ΥΟΡΚΗ, 17. (Ρώυτερ). — Η εφημερίς «Νιου Υορκ Ταϊμς» απαντά εις επιστολήν Ρωσσίδος.
ΑΘΗΝΑΙ 17 Κατά τας πληροφορίας του αρμοδίου υπουργείου αι σχετικαί διαδικασίαι ευρίσκονται εις εξέλιξιν και αναμένεται να ολοκληρωθούν εντός των προσεχών ημερών δια την εφαρμογήν των αποφάσεων της κυβερνήσεως υπέρ του κοινωνικού συνόλου και της προόδου του τόπου
ΑΘΗΝΑΙ 17 Κατά τας πληροφορίας του αρμοδίου υπουργείου αι σχετικαί διαδικασίαι ευρίσκονται εις εξέλιξιν και αναμένεται να ολοκληρωθούν εντός των προσεχών ημερών δια την εφαρμογήν των αποφάσεων της κυβερνήσεως υπέρ του κοινωνικού συνόλου και της προόδου του τόπου
ΑΘΗΝΑΙ 17 Κατά τας πληροφορίας του αρμοδίου υπουργείου αι σχετικαί διαδικασίαι ευρίσκονται εις εξέλιξιν και αναμένεται να ολοκληρωθούν εντός των προσεχών ημερών δια την εφαρμογήν των αποφάσεων της κυβερνήσεως υπέρ του κοινωνικού συνόλου και της προόδου του τόπου
ΤΗΝ ΕΤΡΑΥΜΑΤΙΣΕ ΜΕ ΕΝΑ ΕΓΧΕΙΡΙΔΙΟΝ ΕΝΩ ΕΚΕΙΝΗ ΕΒΑΔΙΖΕΝ ΑΝΥΠΟΠΤΟΣ ΔΙΟΤΙ, ΛΕΓΕΙ, ΥΒΡΙΖΕ ΤΗ ΣΥΖΥΓΟΝ ΤΟΥ
ΑΘΗΝΑΙ 17 Κατά τας πληροφορίας του αρμοδίου υπουργείου αι σχετικαί διαδικασίαι ευρίσκονται εις εξέλιξιν και αναμένεται να ολοκληρωθούν εντός των προσεχών ημερών δια την εφαρμογήν των αποφάσεων της κυβερνήσεως υπέρ του κοινωνικού συνόλου και της προόδου του τόπου
ΑΘΗΝΑΙ 17 Κατά τας πληροφορίας του αρμοδίου υπουργείου αι σχετικαί διαδικασίαι ευρίσκονται εις εξέλιξιν και αναμένεται να ολοκληρωθούν εντός των προσεχών ημερών δια την εφαρμογήν των αποφάσεων της κυβερνήσεως υπέρ του κοινωνικού συνόλου και της προόδου του τόπου
Ο ΑΓΩΝ ΤΩΝ ΕΠΙΜΕΛΗΤΗΡΙΩΝ ΔΙΑ ΤΟ ΣΥΓΚΟΙΝΩΝΙΑΚΟΝ
ΚΥΡΙΩΝ ΑΙΤΗΜΑ ΤΗΝ ΤΟΠΟΘΕΤΗΣΙΣ ΤΡΟΛΕΫ - ΜΠΑΣ
ΑΘΗΝΑΙ 17 Κατά τας πληροφορίας του αρμοδίου υπουργείου αι σχετικαί διαδικασίαι ευρίσκονται εις εξέλιξιν και αναμένεται να ολοκληρωθούν εντός των προσεχών ημερών δια την εφαρμογήν των αποφάσεων της κυβερνήσεως υπέρ του κοινωνικού συνόλου και της προόδου του τόπου
ΚΑΙ ΜΙΑ ΔΙΚΗ
ΑΘΗΝΑΙ 17 Κατά τας πληροφορίας του αρμοδίου υπουργείου αι σχετικαί διαδικασίαι ευρίσκονται εις εξέλιξιν και αναμένεται να ολοκληρωθούν εντός των προσεχών ημερών δια την εφαρμογήν των αποφάσεων της κυβερνήσεως υπέρ του κοινωνικού συνόλου και της προόδου του τόπου
Ο. ΠΑΠΑΖΑΝΗΣ
ΑΘΗΝΑΙ 17 Κατά τας πληροφορίας του αρμοδίου υπουργείου αι σχετικαί διαδικασίαι ευρίσκονται εις εξέλιξιν και αναμένεται να ολοκληρωθούν εντός των προσεχών ημερών δια την εφαρμογήν των αποφάσεων της κυβερνήσεως υπέρ του κοινωνικού συνόλου και της προόδου του τόπου
ΟΙ ΒΙΟΤΕΧΝΑΙ
ΑΘΗΝΑΙ 17 Κατά τας πληροφορίας του αρμοδίου υπουργείου αι σχετικαί διαδικασίαι ευρίσκονται εις εξέλιξιν και αναμένεται να ολοκληρωθούν εντός των προσεχών ημερών δια την εφαρμογήν των αποφάσεων της κυβερνήσεως υπέρ του κοινωνικού συνόλου και της προόδου του τόπου
ΕΙΣ ΤΗΝ ΕΠΙΤΡΟΠΗΝ
ΑΘΗΝΑΙ 17 Κατά τας πληροφορίας του αρμοδίου υπουργείου αι σχετικαί διαδικασίαι ευρίσκονται εις εξέλιξιν και αναμένεται να ολοκληρωθούν εντός των προσεχών ημερών δια την εφαρμογήν των αποφάσεων της κυβερνήσεως υπέρ του κοινωνικού συνόλου και της προόδου του τόπου
Ο ΝΑΟΣ ΤΟΥ ΣΥΝΟΙΚΙΣΜΟΥ ΜΑΚΕΔΟΝΩΝ ΚΑΙ ΘΡΑΚΩΝ
Ο σύλλογος των εν Αθήναις Θρακών και Μακεδόνων έθεσε τον θεμέλιον λίθον δια το νέον ναόν του, που θα ανεγερθή εις την περιοχήν της Πάρνηθος. Εις την φωτογραφίαν οι παραστάντες εις την τελετήν της θεμελιώσεως του ναού, Θράκες και Μακεδόνες.
